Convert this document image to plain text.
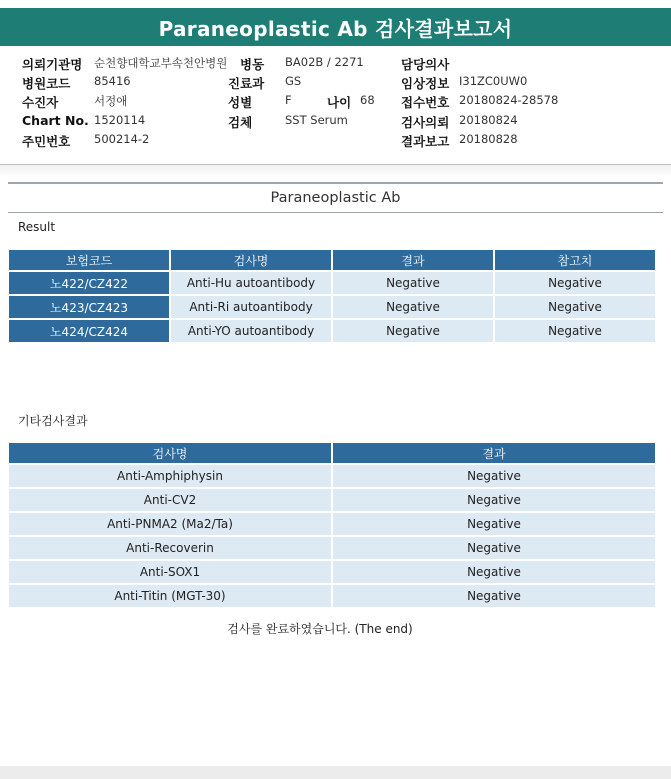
Paraneoplastic Ab 검사결과보고서
의뢰기관명 순천향대학교부속천안병원 병동 BA02B / 2271	담당의사
병원코드 85416	진료과 GS	임상정보 I31ZC0UW0
수진자	서정애	성별	F	나이 68 접수번호 20180824-28578
Chart No. 1520114	검체	SST Serum	검사의뢰 20180824
주민번호 500214-2	결과보고 20180828
Paraneoplastic Ab
Result
보험코드	검사명	결과	참고치
노422/CZ422	Anti-Hu autoantibody	Negative	Negative
노423/CZ423	Anti-Ri autoantibody	Negative	Negative
노424/CZ424	Anti-YO autoantibody	Negative	Negative
기타검사결과
검사명	결과
Anti-Amphiphysin	Negative
Anti-CV2	Negative
Anti-PNMA2 (Ma2/Ta)	Negative
Anti-Recoverin	Negative
Anti-SOX1	Negative
Anti-Titin (MGT-30)	Negative
검사를 완료하였습니다. (The end)
